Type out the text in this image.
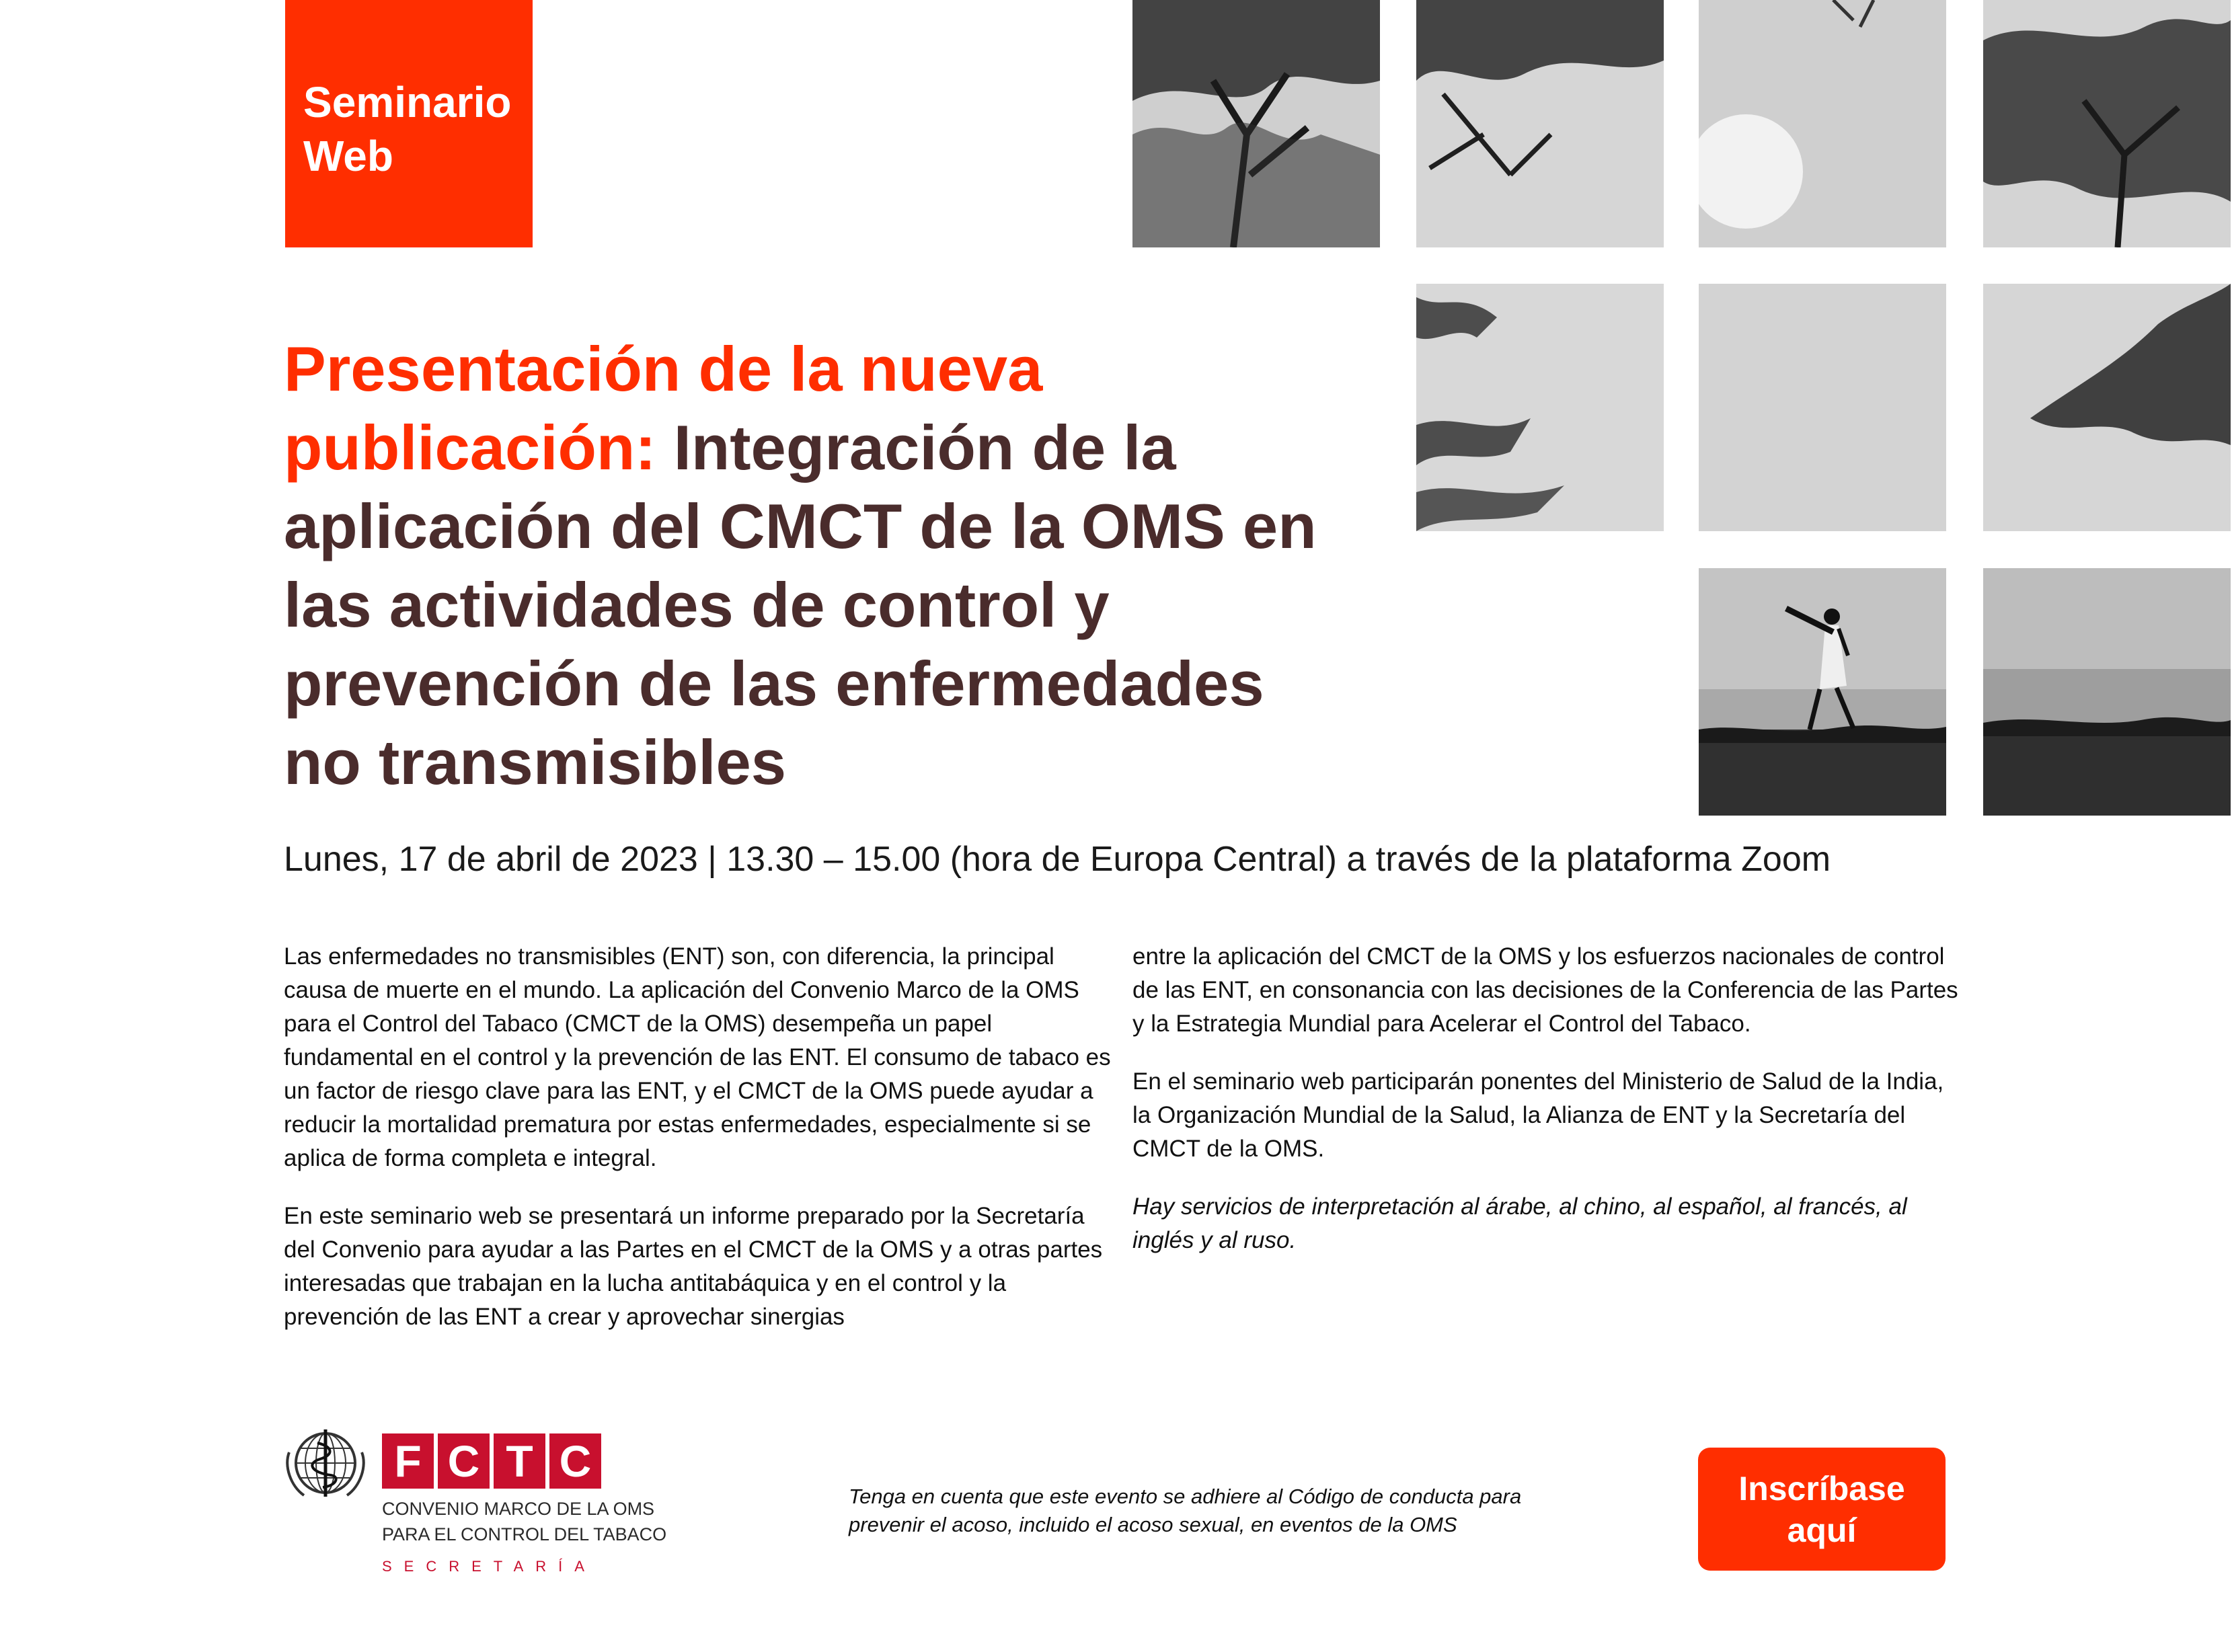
Seminario
Web
Presentación de la nueva publicación: Integración de la aplicación del CMCT de la OMS en las actividades de control y prevención de las enfermedades no transmisibles

Lunes, 17 de abril de 2023 | 13.30 – 15.00 (hora de Europa Central) a través de la plataforma Zoom

Las enfermedades no transmisibles (ENT) son, con diferencia, la principal causa de muerte en el mundo. La aplicación del Convenio Marco de la OMS para el Control del Tabaco (CMCT de la OMS) desempeña un papel fundamental en el control y la prevención de las ENT. El consumo de tabaco es un factor de riesgo clave para las ENT, y el CMCT de la OMS puede ayudar a reducir la mortalidad prematura por estas enfermedades, especialmente si se aplica de forma completa e integral.

En este seminario web se presentará un informe preparado por la Secretaría del Convenio para ayudar a las Partes en el CMCT de la OMS y a otras partes interesadas que trabajan en la lucha antitabáquica y en el control y la prevención de las ENT a crear y aprovechar sinergias

entre la aplicación del CMCT de la OMS y los esfuerzos nacionales de control de las ENT, en consonancia con las decisiones de la Conferencia de las Partes y la Estrategia Mundial para Acelerar el Control del Tabaco.

En el seminario web participarán ponentes del Ministerio de Salud de la India, la Organización Mundial de la Salud, la Alianza de ENT y la Secretaría del CMCT de la OMS.

Hay servicios de interpretación al árabe, al chino, al español, al francés, al inglés y al ruso.

F C T C
CONVENIO MARCO DE LA OMS
PARA EL CONTROL DEL TABACO
SECRETARÍA

Tenga en cuenta que este evento se adhiere al Código de conducta para prevenir el acoso, incluido el acoso sexual, en eventos de la OMS

Inscríbase aquí
